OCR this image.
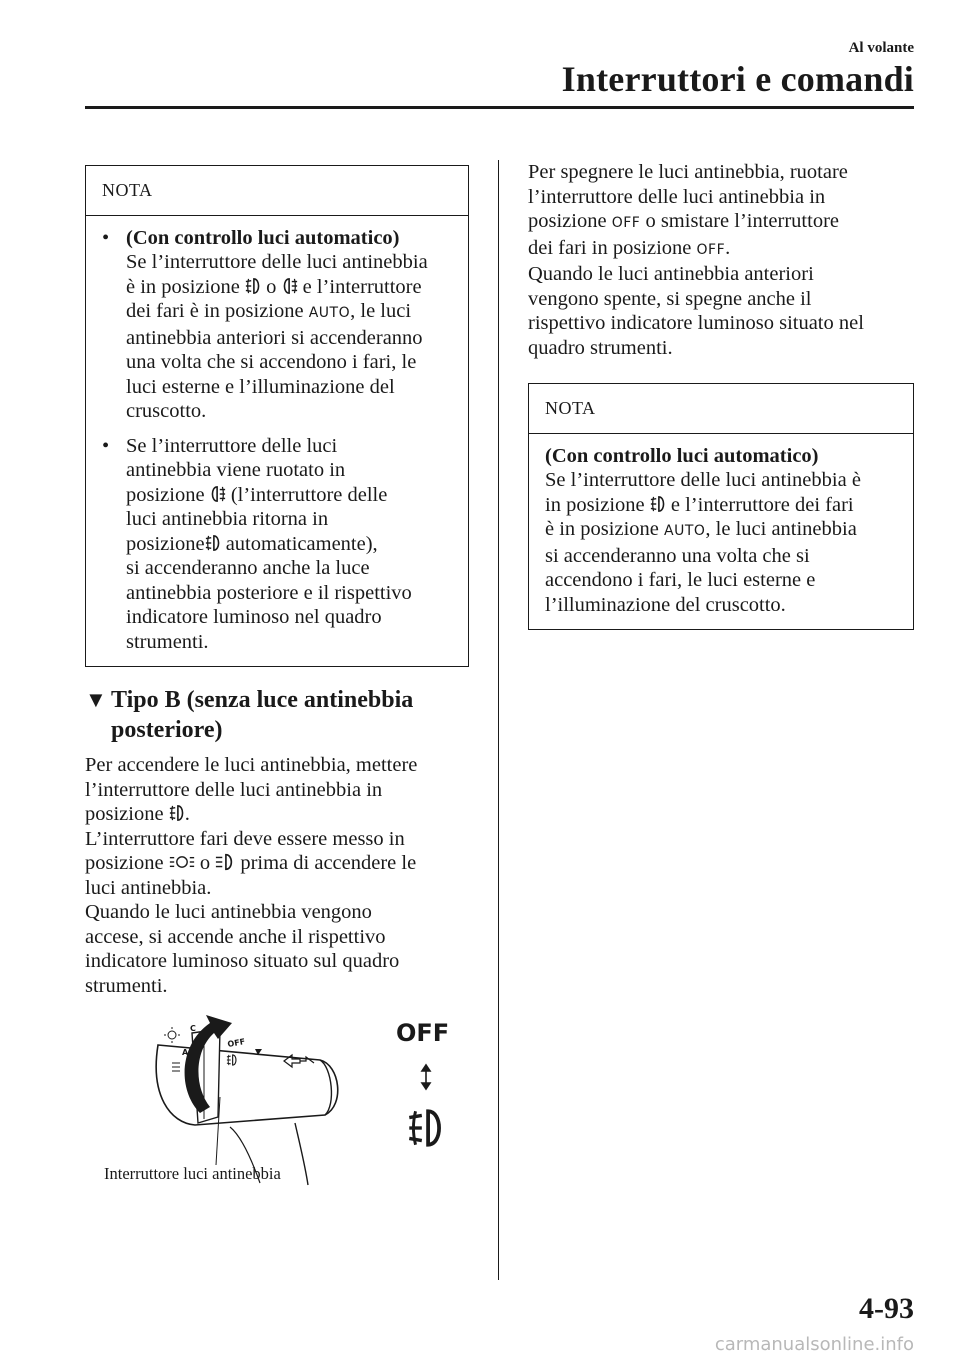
Al volante
Interruttori e comandi
NOTA
• (Con controllo luci automatico)
Se l’interruttore delle luci antinebbia
è in posizione o e l’interruttore
dei fari è in posizione AUTO, le luci
antinebbia anteriori si accenderanno
una volta che si accendono i fari, le
luci esterne e l’illuminazione del
cruscotto.
• Se l’interruttore delle luci
antinebbia viene ruotato in
posizione (l’interruttore delle
luci antinebbia ritorna in
posizione automaticamente),
si accenderanno anche la luce
antinebbia posteriore e il rispettivo
indicatore luminoso nel quadro
strumenti.
▼ Tipo B (senza luce antinebbia
posteriore)
Per accendere le luci antinebbia, mettere
l’interruttore delle luci antinebbia in
posizione .
L’interruttore fari deve essere messo in
posizione o prima di accendere le
luci antinebbia.
Quando le luci antinebbia vengono
accese, si accende anche il rispettivo
indicatore luminoso situato sul quadro
strumenti.
A
C
OFF	OFF
Interruttore luci antinebbia
Per spegnere le luci antinebbia, ruotare
l’interruttore delle luci antinebbia in
posizione OFF o smistare l’interruttore
dei fari in posizione OFF.
Quando le luci antinebbia anteriori
vengono spente, si spegne anche il
rispettivo indicatore luminoso situato nel
quadro strumenti.
NOTA
(Con controllo luci automatico)
Se l’interruttore delle luci antinebbia è
in posizione e l’interruttore dei fari
è in posizione AUTO, le luci antinebbia
si accenderanno una volta che si
accendono i fari, le luci esterne e
l’illuminazione del cruscotto.
4-93
carmanualsonline.info
